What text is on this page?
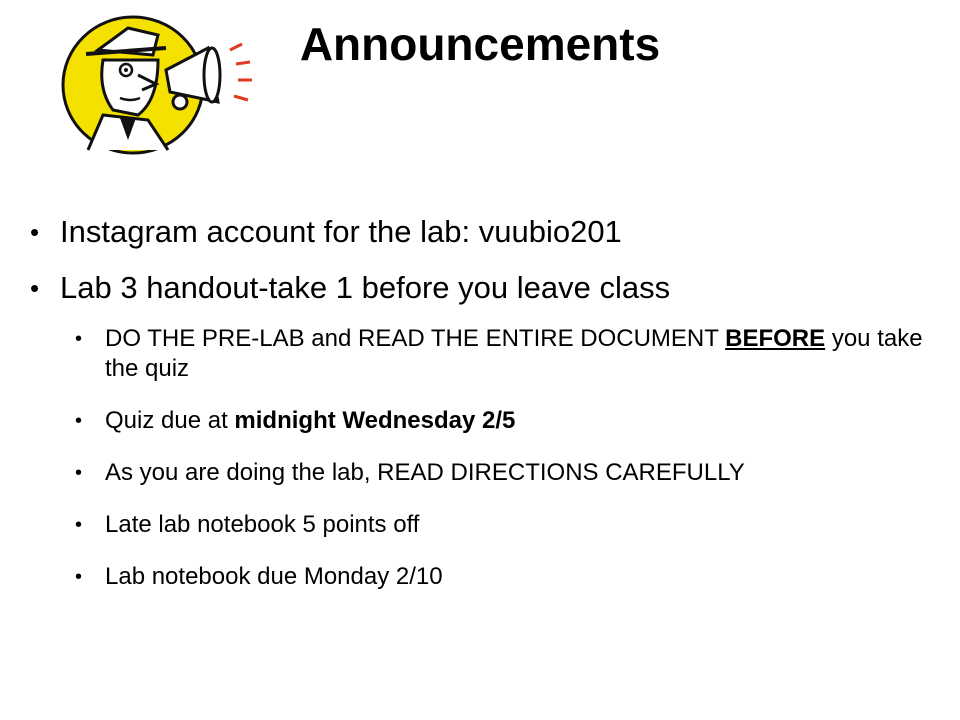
Announcements
• Instagram account for the lab: vuubio201
• Lab 3 handout-take 1 before you leave class
• DO THE PRE-LAB and READ THE ENTIRE DOCUMENT BEFORE you take the quiz
• Quiz due at midnight Wednesday 2/5
• As you are doing the lab, READ DIRECTIONS CAREFULLY
• Late lab notebook 5 points off
• Lab notebook due Monday 2/10
